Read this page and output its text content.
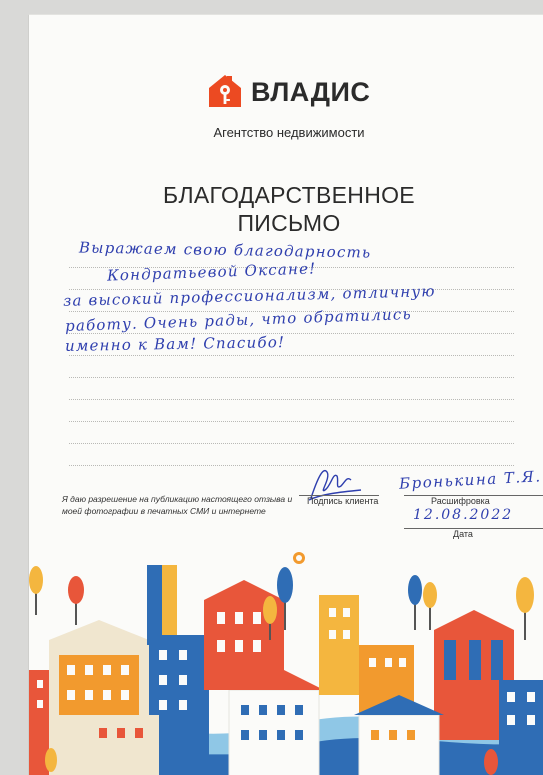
ВЛАДИС
Агентство недвижимости
БЛАГОДАРСТВЕННОЕ
ПИСЬМО
Выражаем свою благодарность
Кондратьевой Оксане!
за высокий профессионализм, отличную
работу. Очень рады, что обратились
именно к Вам! Спасибо!
Я даю разрешение на публикацию настоящего отзыва и моей фотографии в печатных СМИ и интернете
Подпись клиента
Бронькина Т.Я.
Расшифровка
12.08.2022
Дата
